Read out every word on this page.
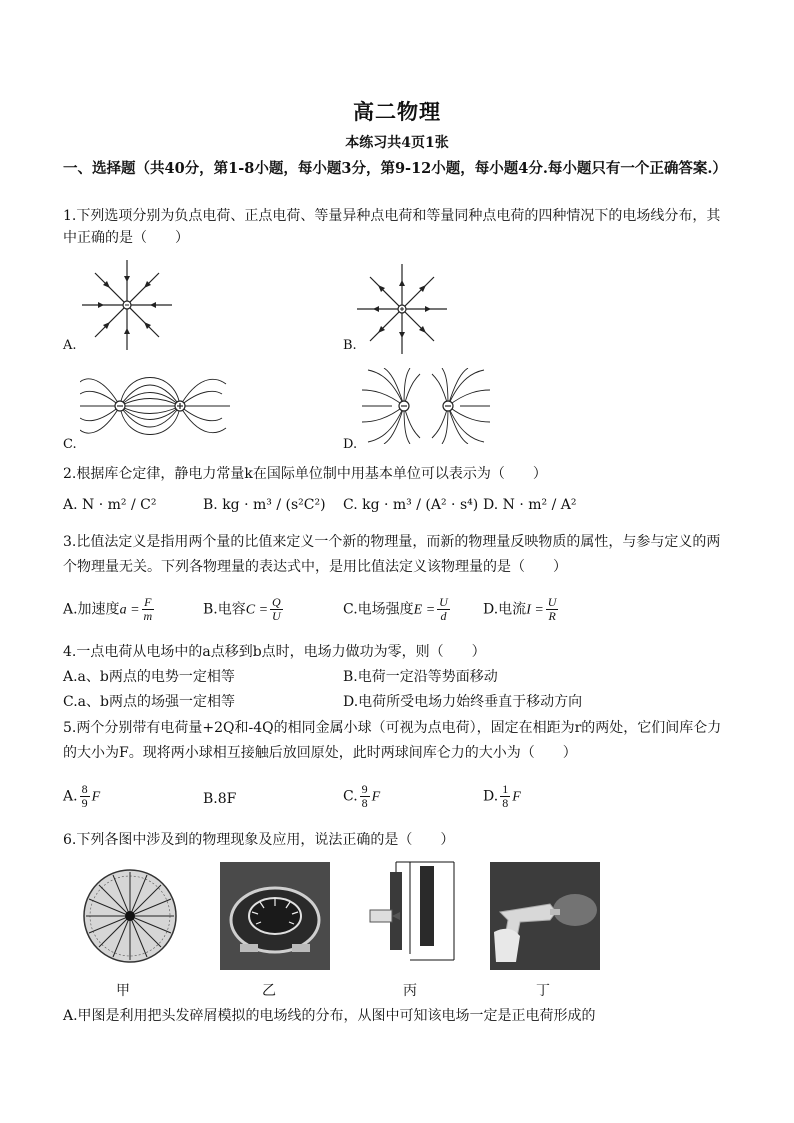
高二物理
本练习共4页1张
一、选择题（共40分，第1-8小题，每小题3分，第9-12小题，每小题4分.每小题只有一个正确答案.）
1.下列选项分别为负点电荷、正点电荷、等量异种点电荷和等量同种点电荷的四种情况下的电场线分布，其中正确的是（　　）
A.	B.
C.	D.
2.根据库仑定律，静电力常量k在国际单位制中用基本单位可以表示为（　　）
A. N · m² / C²	B. kg · m³ / (s²C²) C. kg · m³ / (A² · s⁴) D. N · m² / A²
3.比值法定义是指用两个量的比值来定义一个新的物理量，而新的物理量反映物质的属性，与参与定义的两个物理量无关。下列各物理量的表达式中，是用比值法定义该物理量的是（　　）
A.加速度$a = \frac{F}{m}$	B.电容$C = \frac{Q}{U}$	C.电场强度$E = \frac{U}{d} D$.电流$I = \frac{U}{R}$
4.一点电荷从电场中的a点移到b点时，电场力做功为零，则（　　）
A.a、b两点的电势一定相等	B.电荷一定沿等势面移动
C.a、b两点的场强一定相等	D.电荷所受电场力始终垂直于移动方向
5.两个分别带有电荷量+2Q和-4Q的相同金属小球（可视为点电荷），固定在相距为r的两处，它们间库仑力的大小为F。现将两小球相互接触后放回原处，此时两球间库仑力的大小为（　　）
A. $\frac{8}{9}$ F	B.8F	C. $\frac{9}{8}$ F	D. $\frac{1}{8}$ F
6.下列各图中涉及到的物理现象及应用，说法正确的是（　　）
甲	乙	丙	丁
A.甲图是利用把头发碎屑模拟的电场线的分布，从图中可知该电场一定是正电荷形成的
